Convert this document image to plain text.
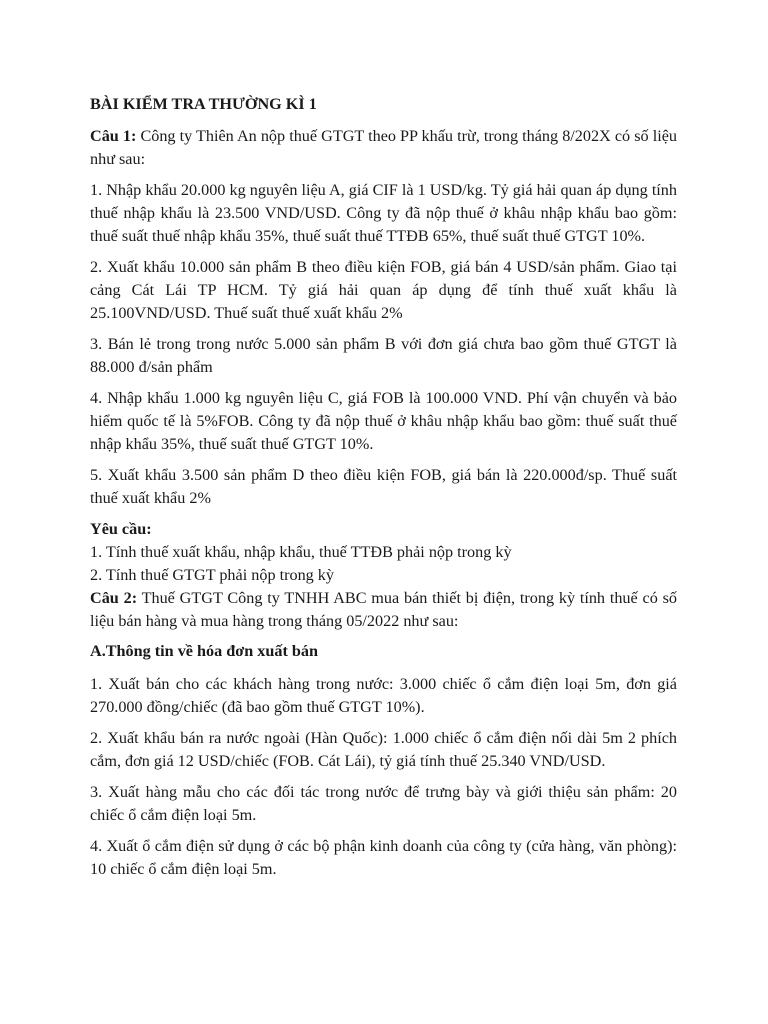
BÀI KIỂM TRA THƯỜNG KÌ 1

Câu 1: Công ty Thiên An nộp thuế GTGT theo PP khấu trừ, trong tháng 8/202X có số liệu như sau:

1. Nhập khẩu 20.000 kg nguyên liệu A, giá CIF là 1 USD/kg. Tỷ giá hải quan áp dụng tính thuế nhập khẩu là 23.500 VND/USD. Công ty đã nộp thuế ở khâu nhập khẩu bao gồm: thuế suất thuế nhập khẩu 35%, thuế suất thuế TTĐB 65%, thuế suất thuế GTGT 10%.

2. Xuất khẩu 10.000 sản phẩm B theo điều kiện FOB, giá bán 4 USD/sản phẩm. Giao tại cảng Cát Lái TP HCM. Tỷ giá hải quan áp dụng để tính thuế xuất khẩu là 25.100VND/USD. Thuế suất thuế xuất khẩu 2%

3. Bán lẻ trong trong nước 5.000 sản phẩm B với đơn giá chưa bao gồm thuế GTGT là 88.000 đ/sản phẩm

4. Nhập khẩu 1.000 kg nguyên liệu C, giá FOB là 100.000 VND. Phí vận chuyển và bảo hiểm quốc tế là 5%FOB. Công ty đã nộp thuế ở khâu nhập khẩu bao gồm: thuế suất thuế nhập khẩu 35%, thuế suất thuế GTGT 10%.

5. Xuất khẩu 3.500 sản phẩm D theo điều kiện FOB, giá bán là 220.000đ/sp. Thuế suất thuế xuất khẩu 2%

Yêu cầu:

1. Tính thuế xuất khẩu, nhập khẩu, thuế TTĐB phải nộp trong kỳ

2. Tính thuế GTGT phải nộp trong kỳ

Câu 2: Thuế GTGT Công ty TNHH ABC mua bán thiết bị điện, trong kỳ tính thuế có số liệu bán hàng và mua hàng trong tháng 05/2022 như sau:

A.Thông tin về hóa đơn xuất bán

1. Xuất bán cho các khách hàng trong nước: 3.000 chiếc ổ cắm điện loại 5m, đơn giá 270.000 đồng/chiếc (đã bao gồm thuế GTGT 10%).

2. Xuất khẩu bán ra nước ngoài (Hàn Quốc): 1.000 chiếc ổ cắm điện nối dài 5m 2 phích cắm, đơn giá 12 USD/chiếc (FOB. Cát Lái), tỷ giá tính thuế 25.340 VND/USD.

3. Xuất hàng mẫu cho các đối tác trong nước để trưng bày và giới thiệu sản phẩm: 20 chiếc ổ cắm điện loại 5m.

4. Xuất ổ cắm điện sử dụng ở các bộ phận kinh doanh của công ty (cửa hàng, văn phòng): 10 chiếc ổ cắm điện loại 5m.
